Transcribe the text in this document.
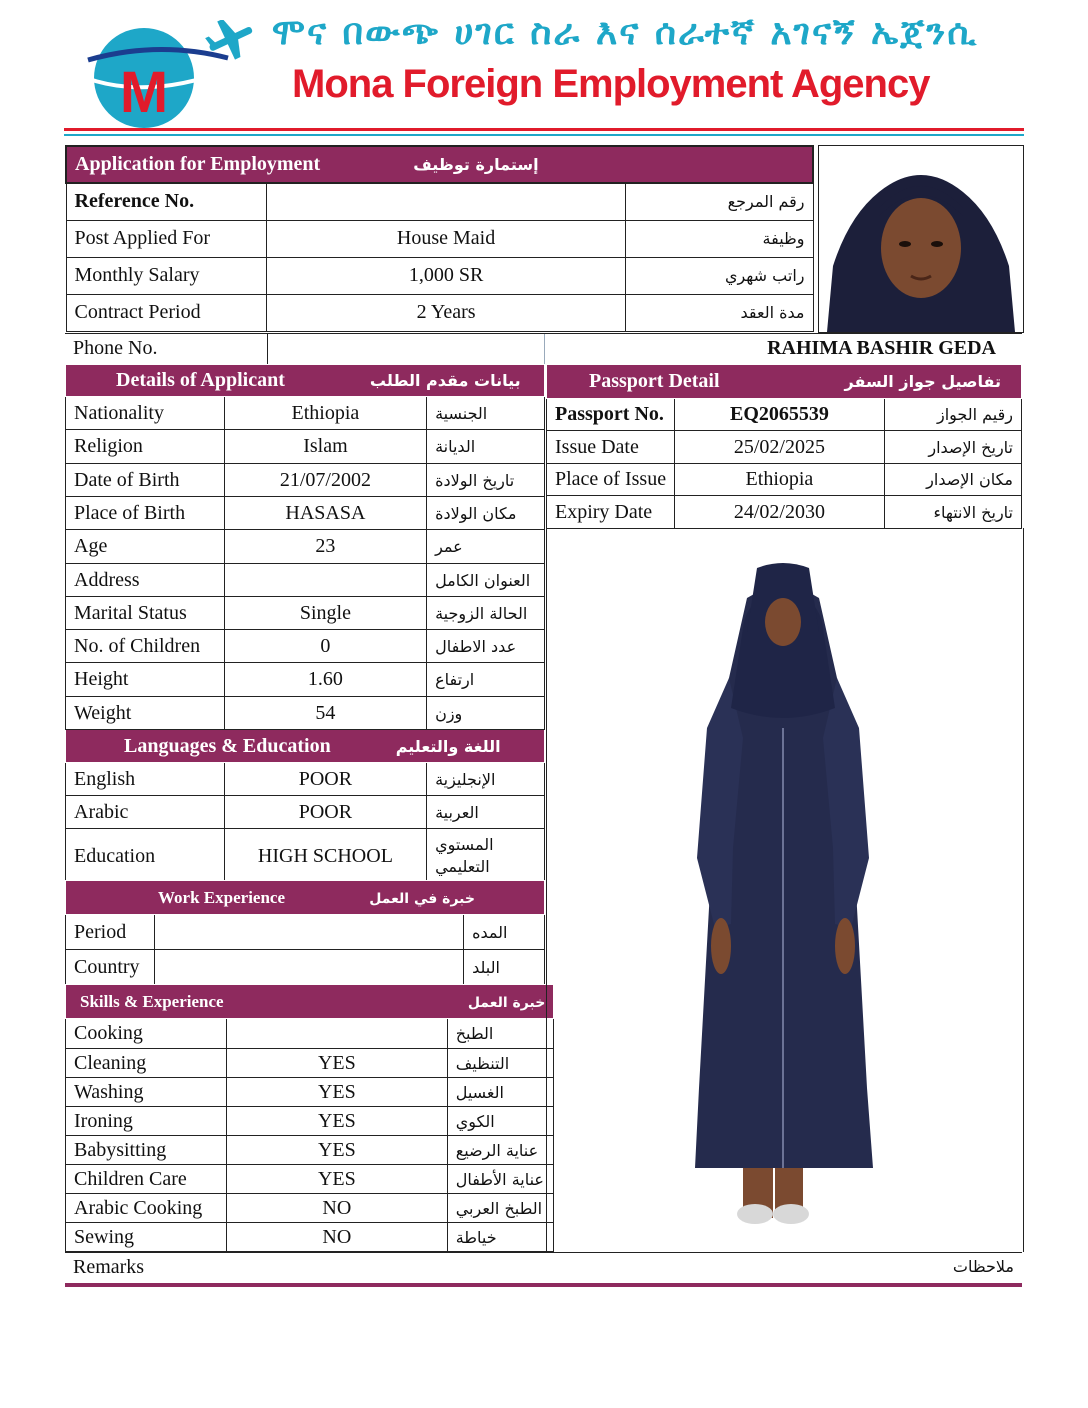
M
ሞና በውጭ ሀገር ስራ እና ሰራተኛ አገናኝ ኤጀንሲ
Mona Foreign Employment Agency
Application for Employment إستمارة توظيف		
Reference No.		رقم المرجع
Post Applied For	House Maid	وظيفة
Monthly Salary	1,000 SR	راتب شهري
Contract Period	2 Years	مدة العقد
Phone No.	RAHIMA BASHIR GEDA
Details of Applicant بيانات مقدم الطلب		
Nationality	Ethiopia	الجنسية
Religion	Islam	الديانة
Date of Birth	21/07/2002	تاريخ الولادة
Place of Birth	HASASA	مكان الولادة
Age	23	عمر
Address		العنوان الكامل
Marital Status	Single	الحالة الزوجية
No. of Children	0	عدد الاطفال
Height	1.60	ارتفاع
Weight	54	وزن
Languages & Education اللغة والتعليم		
English	POOR	الإنجليزية
Arabic	POOR	العربية
Education	HIGH SCHOOL	المستوي التعليمي
Work Experience خبرة في العمل		
Period		المده
Country		البلد
Skills & Experience خبرة العمل		
Cooking		الطبخ
Cleaning	YES	التنظيف
Washing	YES	الغسيل
Ironing	YES	الكوي
Babysitting	YES	عناية الرضيع
Children Care	YES	عناية الأطفال
Arabic Cooking	NO	الطبخ العربي
Sewing	NO	خياطة
Remarks	ملاحظات
Passport Detail تفاصيل جواز السفر		
Passport No.	EQ2065539	رقيم الجواز
Issue Date	25/02/2025	تاريخ الإصدار
Place of Issue	Ethiopia	مكان الإصدار
Expiry Date	24/02/2030	تاريخ الانتهاء
